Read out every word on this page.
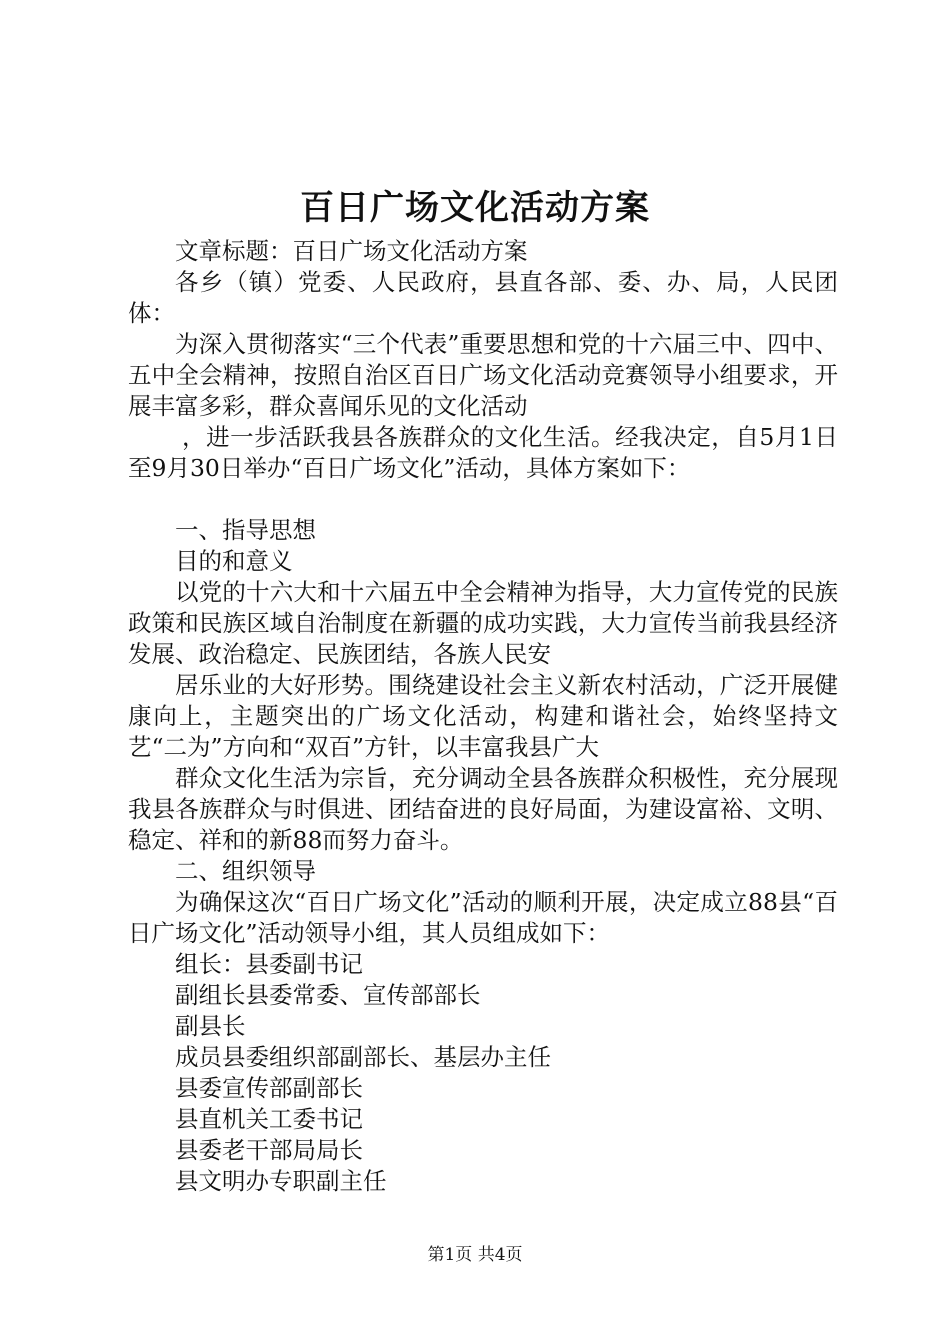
百日广场文化活动方案

文章标题：百日广场文化活动方案

各乡（镇）党委、人民政府，县直各部、委、办、局，人民团体：

为深入贯彻落实“三个代表”重要思想和党的十六届三中、四中、五中全会精神，按照自治区百日广场文化活动竞赛领导小组要求，开展丰富多彩，群众喜闻乐见的文化活动

，进一步活跃我县各族群众的文化生活。经我决定，自5月1日至9月30日举办“百日广场文化”活动，具体方案如下：

一、指导思想

目的和意义

以党的十六大和十六届五中全会精神为指导，大力宣传党的民族政策和民族区域自治制度在新疆的成功实践，大力宣传当前我县经济发展、政治稳定、民族团结，各族人民安

居乐业的大好形势。围绕建设社会主义新农村活动，广泛开展健康向上，主题突出的广场文化活动，构建和谐社会，始终坚持文艺“二为”方向和“双百”方针，以丰富我县广大

群众文化生活为宗旨，充分调动全县各族群众积极性，充分展现我县各族群众与时俱进、团结奋进的良好局面，为建设富裕、文明、稳定、祥和的新88而努力奋斗。

二、组织领导

为确保这次“百日广场文化”活动的顺利开展，决定成立88县“百日广场文化”活动领导小组，其人员组成如下：

组长：县委副书记

副组长县委常委、宣传部部长

副县长

成员县委组织部副部长、基层办主任

县委宣传部副部长

县直机关工委书记

县委老干部局局长

县文明办专职副主任

第1页 共4页
